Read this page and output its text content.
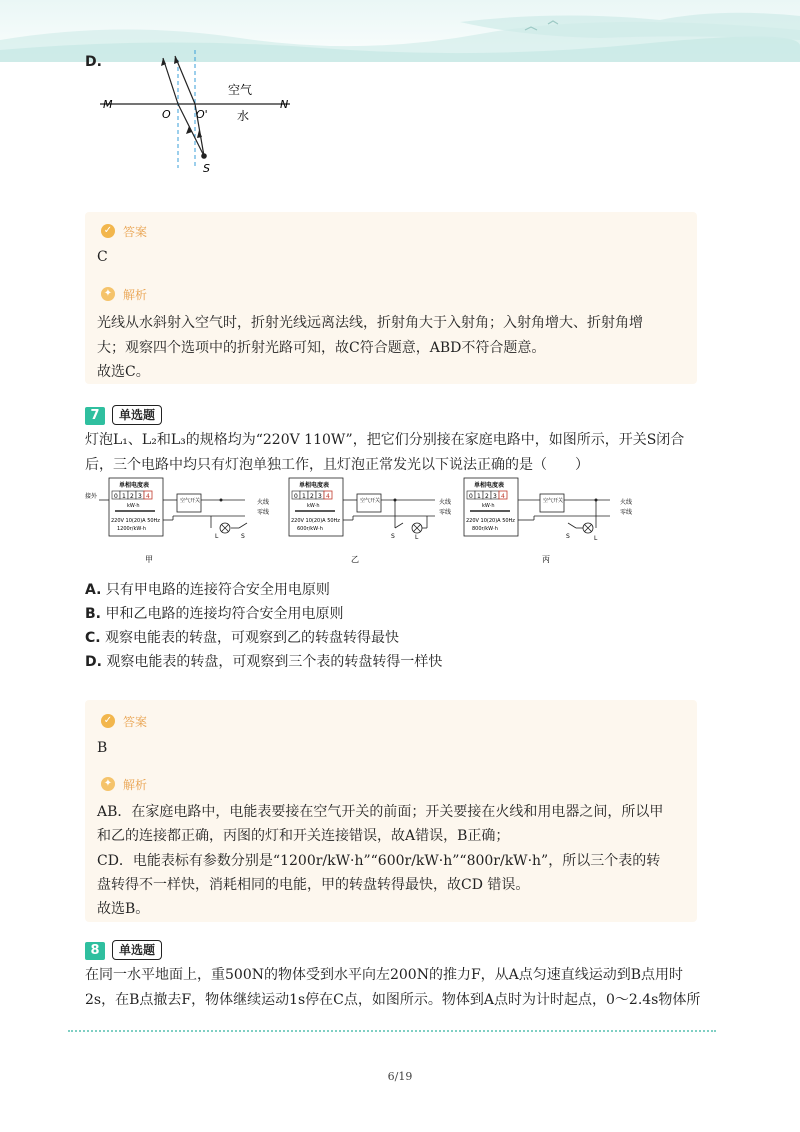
D.
M	N
O O'
S
空气
水
✓ 答案
C
✦ 解析
光线从水斜射入空气时，折射光线远离法线，折射角大于入射角；入射角增大、折射角增
大；观察四个选项中的折射光路可知，故C符合题意，ABD不符合题意。
故选C。
7	单选题
灯泡L₁、L₂和L₃的规格均为“220V 110W”，把它们分别接在家庭电路中，如图所示，开关S闭合
后，三个电路中均只有灯泡单独工作，且灯泡正常发光以下说法正确的是（　　）
接外
单相电度表
0 1 2 3 4
kW·h
220V 10(20)A 50Hz
1200r/kW·h
空气开关	火线
零线
L	S
甲
单相电度表
0 1 2 3 4
kW·h
220V 10(20)A 50Hz
600r/kW·h
空气开关	火线
零线
S	L
乙
单相电度表
0 1 2 3 4
kW·h
220V 10(20)A 50Hz
800r/kW·h
空气开关	火线
零线
L
S
丙
A. 只有甲电路的连接符合安全用电原则
B. 甲和乙电路的连接均符合安全用电原则
C. 观察电能表的转盘，可观察到乙的转盘转得最快
D. 观察电能表的转盘，可观察到三个表的转盘转得一样快
✓ 答案
B
✦ 解析
AB．在家庭电路中，电能表要接在空气开关的前面；开关要接在火线和用电器之间，所以甲
和乙的连接都正确，丙图的灯和开关连接错误，故A错误，B正确；
CD．电能表标有参数分别是“1200r/kW·h”“600r/kW·h”“800r/kW·h”，所以三个表的转
盘转得不一样快，消耗相同的电能，甲的转盘转得最快，故CD 错误。
故选B。
8	单选题
在同一水平地面上，重500N的物体受到水平向左200N的推力F，从A点匀速直线运动到B点用时
2s，在B点撤去F，物体继续运动1s停在C点，如图所示。物体到A点时为计时起点，0～2.4s物体所
6/19
